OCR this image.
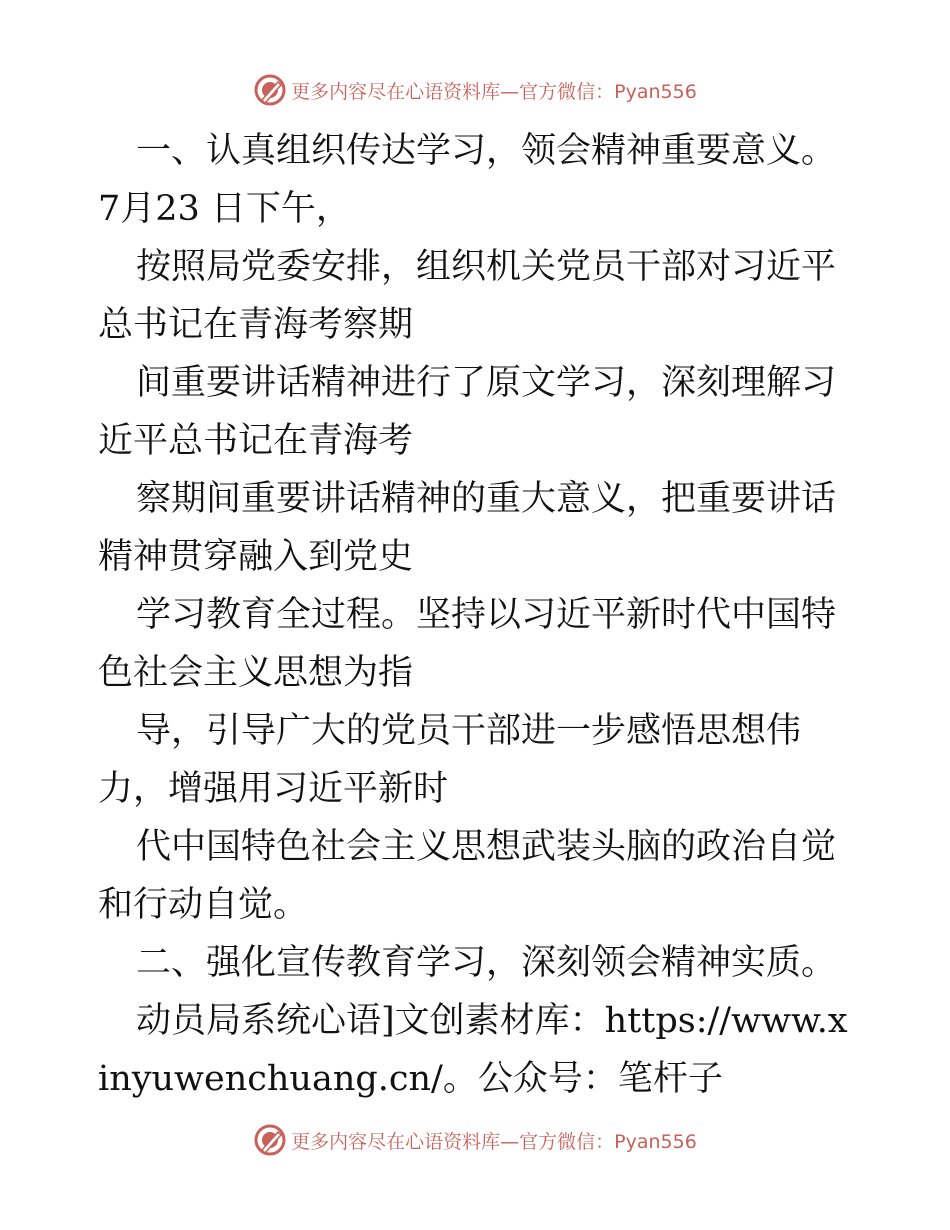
更多内容尽在心语资料库—官方微信：Pyan556

一、认真组织传达学习，领会精神重要意义。7月23 日下午，

按照局党委安排，组织机关党员干部对习近平总书记在青海考察期

间重要讲话精神进行了原文学习，深刻理解习近平总书记在青海考

察期间重要讲话精神的重大意义，把重要讲话精神贯穿融入到党史

学习教育全过程。坚持以习近平新时代中国特色社会主义思想为指

导，引导广大的党员干部进一步感悟思想伟力，增强用习近平新时

代中国特色社会主义思想武装头脑的政治自觉和行动自觉。

二、强化宣传教育学习，深刻领会精神实质。

动员局系统心语]文创素材库：https://www.xinyuwenchuang.cn/。公众号：笔杆子

更多内容尽在心语资料库—官方微信：Pyan556
